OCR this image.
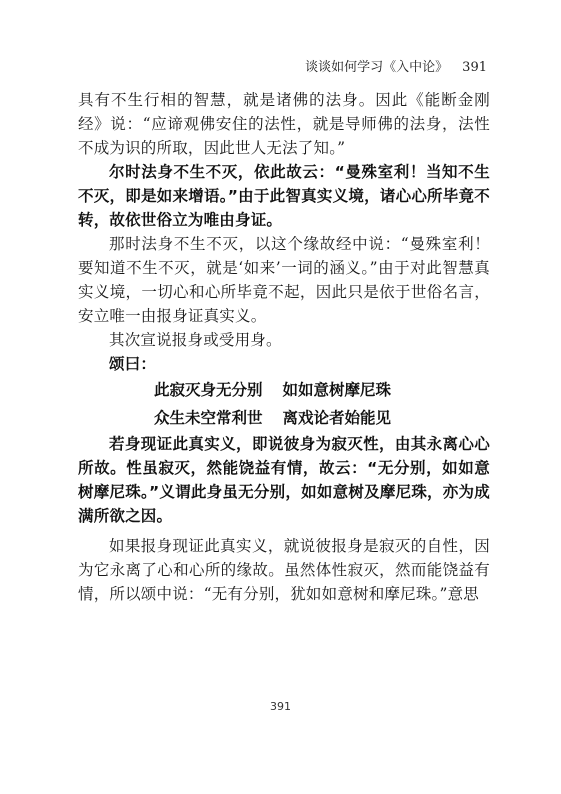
谈谈如何学习《入中论》 391

具有不生行相的智慧，就是诸佛的法身。因此《能断金刚经》说：“应谛观佛安住的法性，就是导师佛的法身，法性不成为识的所取，因此世人无法了知。”

尔时法身不生不灭，依此故云：“曼殊室利！当知不生不灭，即是如来增语。”由于此智真实义境，诸心心所毕竟不转，故依世俗立为唯由身证。

那时法身不生不灭，以这个缘故经中说：“曼殊室利！要知道不生不灭，就是‘如来’一词的涵义。”由于对此智慧真实义境，一切心和心所毕竟不起，因此只是依于世俗名言，安立唯一由报身证真实义。

其次宣说报身或受用身。

颂曰：

此寂灭身无分别 如如意树摩尼珠

众生未空常利世 离戏论者始能见

若身现证此真实义，即说彼身为寂灭性，由其永离心心所故。性虽寂灭，然能饶益有情，故云：“无分别，如如意树摩尼珠。”义谓此身虽无分别，如如意树及摩尼珠，亦为成满所欲之因。

如果报身现证此真实义，就说彼报身是寂灭的自性，因为它永离了心和心所的缘故。虽然体性寂灭，然而能饶益有情，所以颂中说：“无有分别，犹如如意树和摩尼珠。”意思

391
